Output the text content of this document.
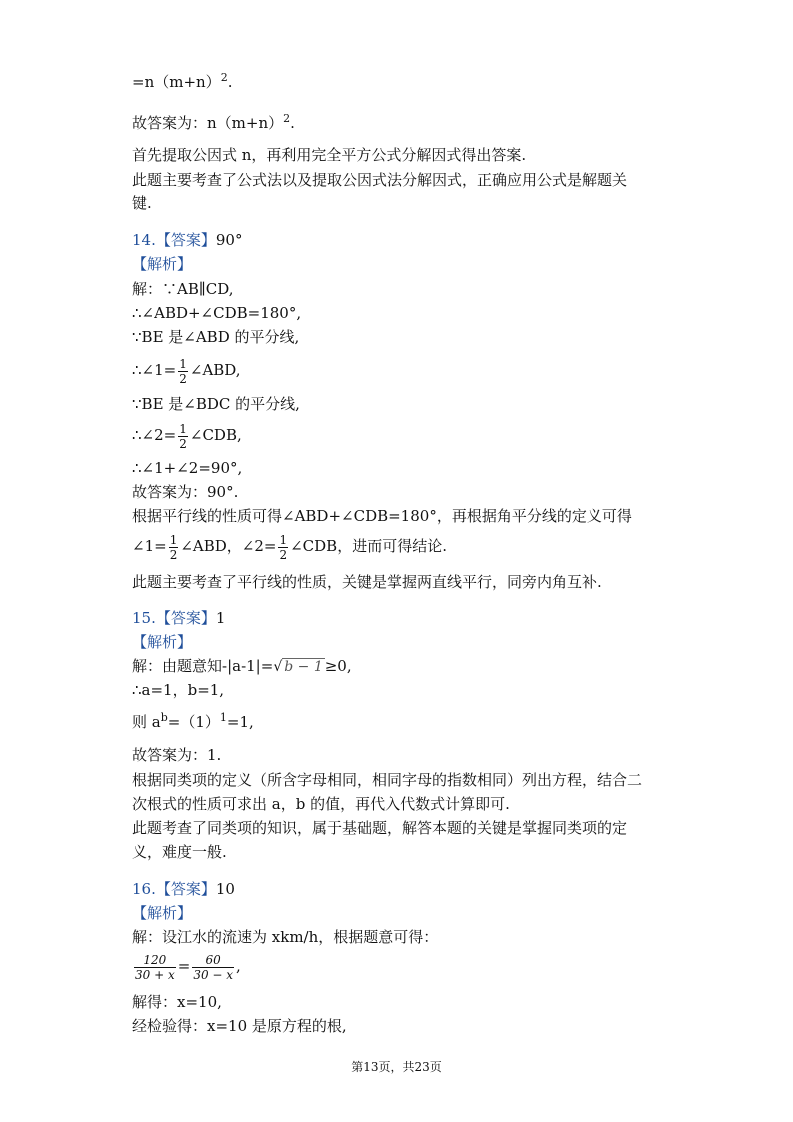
$=n(m+n)^2$.
故答案为：$n(m+n)^2$.
首先提取公因式 n，再利用完全平方公式分解因式得出答案.
此题主要考查了公式法以及提取公因式法分解因式，正确应用公式是解题关
键.
14.【答案】90°
【解析】
解：∵AB∥CD,
∴∠ABD+∠CDB=180°,
∵BE 是∠ABD 的平分线,
∴∠1= $\frac{1}{2}$ ∠ABD,
∵BE 是∠BDC 的平分线,
∴∠2= $\frac{1}{2}$ ∠CDB,
∴∠1+∠2=90°,
故答案为：90°.
根据平行线的性质可得∠ABD+∠CDB=180°，再根据角平分线的定义可得
∠1= $\frac{1}{2}$ ∠ABD，∠2= $\frac{1}{2}$ ∠CDB，进而可得结论.
此题主要考查了平行线的性质，关键是掌握两直线平行，同旁内角互补.
15.【答案】1
【解析】
解：由题意知-|a-1|=√ b − 1 ≥0,
∴a=1，b=1,
则 $a^b=(1)^1=1$,
故答案为：1.
根据同类项的定义（所含字母相同，相同字母的指数相同）列出方程，结合二
次根式的性质可求出 a，b 的值，再代入代数式计算即可.
此题考查了同类项的知识，属于基础题，解答本题的关键是掌握同类项的定
义，难度一般.
16.【答案】10
【解析】
解：设江水的流速为 xkm/h，根据题意可得：
$\frac{120}{30 + x} = \frac{60}{30 - x}$ ,
解得：x=10,
经检验得：x=10 是原方程的根,
第13页，共23页
